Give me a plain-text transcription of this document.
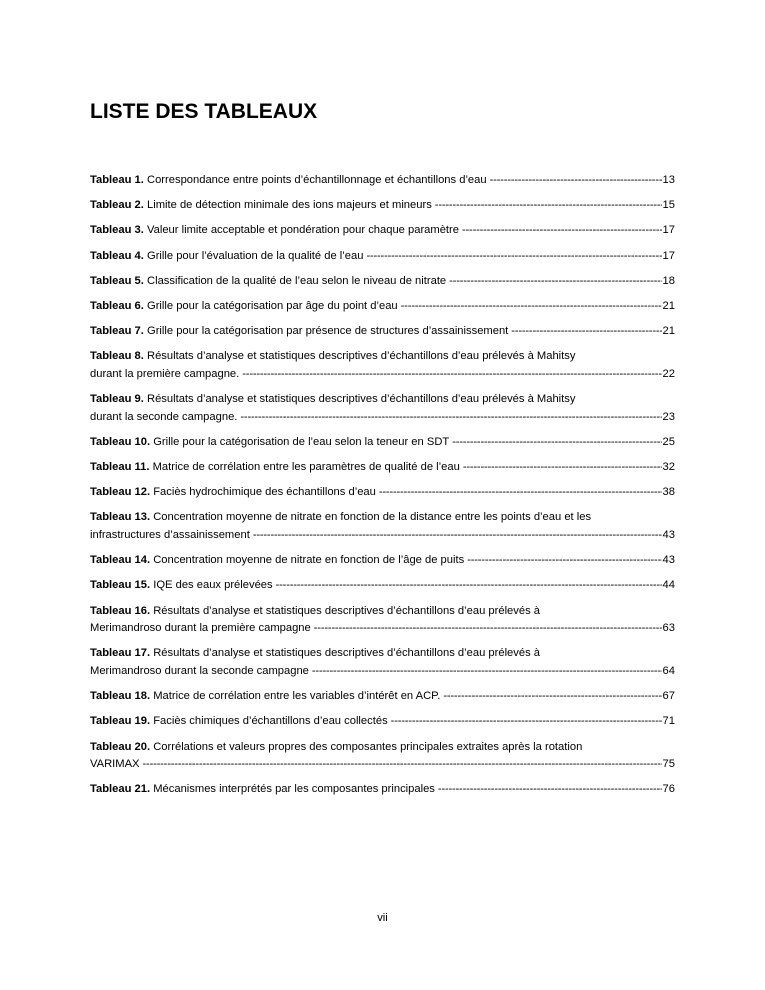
LISTE DES TABLEAUX
Tableau 1. Correspondance entre points d’échantillonnage et échantillons d’eau -----	13
Tableau 2. Limite de détection minimale des ions majeurs et mineurs -----	15
Tableau 3. Valeur limite acceptable et pondération pour chaque paramètre -----	17
Tableau 4. Grille pour l’évaluation de la qualité de l’eau -----	17
Tableau 5. Classification de la qualité de l’eau selon le niveau de nitrate -----	18
Tableau 6. Grille pour la catégorisation par âge du point d’eau -----	21
Tableau 7. Grille pour la catégorisation par présence de structures d’assainissement -----	21
Tableau 8. Résultats d’analyse et statistiques descriptives d’échantillons d’eau prélevés à Mahitsy
durant la première campagne. -----	22
Tableau 9. Résultats d’analyse et statistiques descriptives d’échantillons d’eau prélevés à Mahitsy
durant la seconde campagne. -----	23
Tableau 10. Grille pour la catégorisation de l’eau selon la teneur en SDT -----	25
Tableau 11. Matrice de corrélation entre les paramètres de qualité de l’eau -----	32
Tableau 12. Faciès hydrochimique des échantillons d’eau -----	38
Tableau 13. Concentration moyenne de nitrate en fonction de la distance entre les points d’eau et les
infrastructures d’assainissement -----	43
Tableau 14. Concentration moyenne de nitrate en fonction de l’âge de puits -----	43
Tableau 15. IQE des eaux prélevées -----	44
Tableau 16. Résultats d’analyse et statistiques descriptives d’échantillons d’eau prélevés à
Merimandroso durant la première campagne -----	63
Tableau 17. Résultats d’analyse et statistiques descriptives d’échantillons d’eau prélevés à
Merimandroso durant la seconde campagne -----	64
Tableau 18. Matrice de corrélation entre les variables d’intérêt en ACP. -----	67
Tableau 19. Faciès chimiques d’échantillons d’eau collectés -----	71
Tableau 20. Corrélations et valeurs propres des composantes principales extraites après la rotation
VARIMAX -----	75
Tableau 21. Mécanismes interprétés par les composantes principales -----	76
vii
